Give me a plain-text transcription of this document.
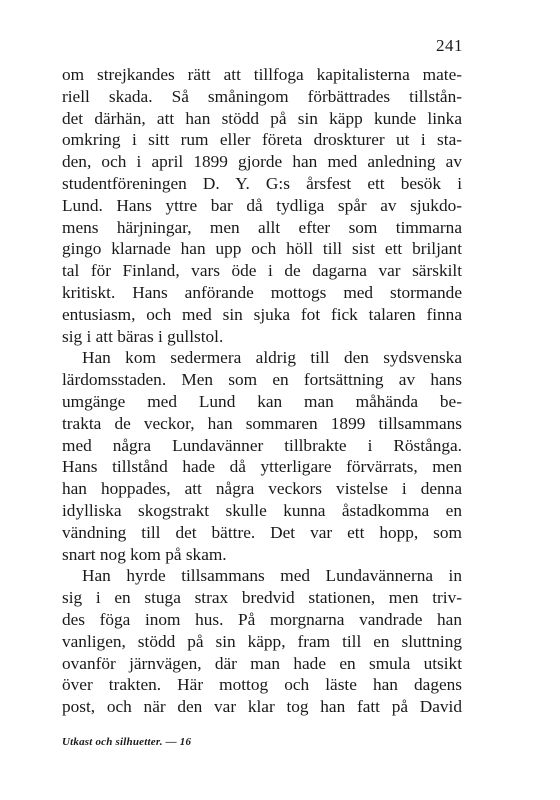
241
om strejkandes rätt att tillfoga kapitalisterna mate-
riell skada. Så småningom förbättrades tillstån-
det därhän, att han stödd på sin käpp kunde linka
omkring i sitt rum eller företa droskturer ut i sta-
den, och i april 1899 gjorde han med anledning av
studentföreningen D. Y. G:s årsfest ett besök i
Lund. Hans yttre bar då tydliga spår av sjukdo-
mens härjningar, men allt efter som timmarna
gingo klarnade han upp och höll till sist ett briljant
tal för Finland, vars öde i de dagarna var särskilt
kritiskt. Hans anförande mottogs med stormande
entusiasm, och med sin sjuka fot fick talaren finna
sig i att bäras i gullstol.
Han kom sedermera aldrig till den sydsvenska
lärdomsstaden. Men som en fortsättning av hans
umgänge med Lund kan man måhända be-
trakta de veckor, han sommaren 1899 tillsammans
med några Lundavänner tillbrakte i Röstånga.
Hans tillstånd hade då ytterligare förvärrats, men
han hoppades, att några veckors vistelse i denna
idylliska skogstrakt skulle kunna åstadkomma en
vändning till det bättre. Det var ett hopp, som
snart nog kom på skam.
Han hyrde tillsammans med Lundavännerna in
sig i en stuga strax bredvid stationen, men triv-
des föga inom hus. På morgnarna vandrade han
vanligen, stödd på sin käpp, fram till en sluttning
ovanför järnvägen, där man hade en smula utsikt
över trakten. Här mottog och läste han dagens
post, och när den var klar tog han fatt på David
Utkast och silhuetter. — 16
